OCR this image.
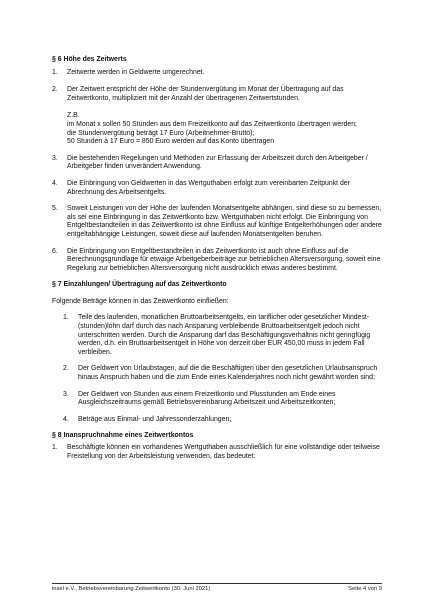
§ 6 Höhe des Zeitwerts

1. Zeitwerte werden in Geldwerte umgerechnet.
2. Der Zeitwert entspricht der Höhe der Stundenvergütung im Monat der Übertragung auf das Zeitwertkonto, multipliziert mit der Anzahl der übertragenen Zeitwertstunden.
Z.B.
im Monat x sollen 50 Stunden aus dem Freizeitkonto auf das Zeitwertkonto übertragen werden;
die Stundenvergütung beträgt 17 Euro (Arbeitnehmer-Brutto);
50 Stunden à 17 Euro = 850 Euro werden auf das Konto übertragen
3. Die bestehenden Regelungen und Methoden zur Erfassung der Arbeitszeit durch den Arbeitgeber / Arbeitgeber finden unverändert Anwendung.
4. Die Einbringung von Geldwerten in das Wertguthaben erfolgt zum vereinbarten Zeitpunkt der Abrechnung des Arbeitsentgelts.
5. Soweit Leistungen von der Höhe der laufenden Monatsentgelte abhängen, sind diese so zu bemessen, als sei eine Einbringung in das Zeitwertkonto bzw. Wertguthaben nicht erfolgt. Die Einbringung von Entgeltbestandteilen in das Zeitwertkonto ist ohne Einfluss auf künftige Entgelterhöhungen oder andere entgeltabhängige Leistungen, soweit diese auf laufenden Monatsentgelten beruhen.
6. Die Einbringung von Entgeltbestandteilen in das Zeitwertkonto ist auch ohne Einfluss auf die Berechnungsgrundlage für etwaige Arbeitgeberbeiträge zur betrieblichen Altersversorgung, soweit eine Regelung zur betrieblichen Altersversorgung nicht ausdrücklich etwas anderes bestimmt.

§ 7 Einzahlungen/ Übertragung auf das Zeitwertkonto

Folgende Beträge können in das Zeitwertkonto einfließen:

1. Teile des laufenden, monatlichen Bruttoarbeitsentgelts, ein tariflicher oder gesetzlicher Mindest-(stunden)lohn darf durch das nach Ansparung verbleibende Bruttoarbeitsentgelt jedoch nicht unterschritten werden. Durch die Ansparung darf das Beschäftigungsverhältnis nicht geringfügig werden, d.h. ein Bruttoarbeitsentgelt in Höhe von derzeit über EUR 450,00 muss in jedem Fall verbleiben.
2. Der Geldwert von Urlaubstagen, auf die die Beschäftigten über den gesetzlichen Urlaubsanspruch hinaus Anspruch haben und die zum Ende eines Kalenderjahres noch nicht gewährt worden sind;
3. Der Geldwert von Stunden aus einem Freizeitkonto und Plusstunden am Ende eines Ausgleichszeitraums gemäß Betriebsvereinbarung Arbeitszeit und Arbeitszeitkonten;
4. Beträge aus Einmal- und Jahressonderzahlungen;

§ 8 Inanspruchnahme eines Zeitwertkontos

1. Beschäftigte können ein vorhandenes Wertguthaben ausschließlich für eine vollständige oder teilweise Freistellung von der Arbeitsleistung verwenden, das bedeutet:
insel e.V., Betriebsvereinbarung Zeitwertkonto (30. Juni 2021)	Seite 4 von 9
